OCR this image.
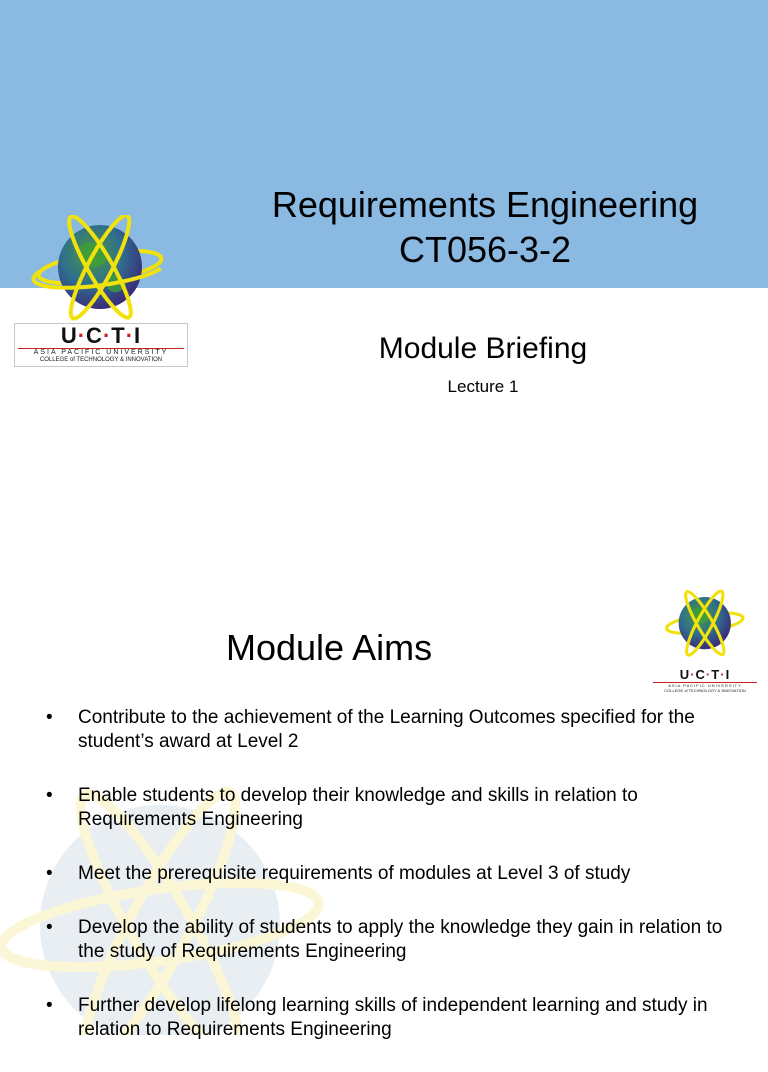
Requirements Engineering
CT056-3-2
U·C·T·I
ASIA PACIFIC UNIVERSITY
COLLEGE of TECHNOLOGY & INNOVATION	Module Briefing
Lecture 1
U·C·T·I
ASIA PACIFIC UNIVERSITY
COLLEGE of TECHNOLOGY & INNOVATION
Module Aims
• Contribute to the achievement of the Learning Outcomes specified for the student’s award at Level 2
• Enable students to develop their knowledge and skills in relation to Requirements Engineering
• Meet the prerequisite requirements of modules at Level 3 of study
• Develop the ability of students to apply the knowledge they gain in relation to the study of Requirements Engineering
• Further develop lifelong learning skills of independent learning and study in relation to Requirements Engineering
